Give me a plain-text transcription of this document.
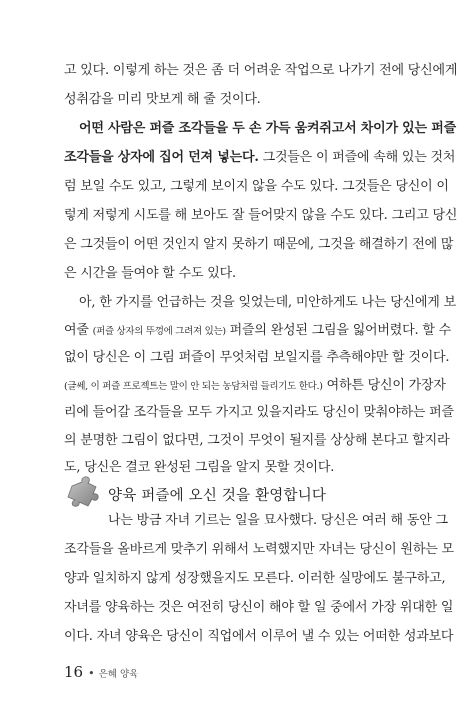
고 있다. 이렇게 하는 것은 좀 더 어려운 작업으로 나가기 전에 당신에게
성취감을 미리 맛보게 해 줄 것이다.
어떤 사람은 퍼즐 조각들을 두 손 가득 움켜쥐고서 차이가 있는 퍼즐
조각들을 상자에 집어 던져 넣는다. 그것들은 이 퍼즐에 속해 있는 것처
럼 보일 수도 있고, 그렇게 보이지 않을 수도 있다. 그것들은 당신이 이
렇게 저렇게 시도를 해 보아도 잘 들어맞지 않을 수도 있다. 그리고 당신
은 그것들이 어떤 것인지 알지 못하기 때문에, 그것을 해결하기 전에 많
은 시간을 들여야 할 수도 있다.
아, 한 가지를 언급하는 것을 잊었는데, 미안하게도 나는 당신에게 보
여줄 (퍼즐 상자의 뚜껑에 그려져 있는) 퍼즐의 완성된 그림을 잃어버렸다. 할 수
없이 당신은 이 그림 퍼즐이 무엇처럼 보일지를 추측해야만 할 것이다.
(글쎄, 이 퍼즐 프로젝트는 말이 안 되는 농담처럼 들리기도 한다.) 여하튼 당신이 가장자
리에 들어갈 조각들을 모두 가지고 있을지라도 당신이 맞춰야하는 퍼즐
의 분명한 그림이 없다면, 그것이 무엇이 될지를 상상해 본다고 할지라
도, 당신은 결코 완성된 그림을 알지 못할 것이다.
양육 퍼즐에 오신 것을 환영합니다
나는 방금 자녀 기르는 일을 묘사했다. 당신은 여러 해 동안 그
조각들을 올바르게 맞추기 위해서 노력했지만 자녀는 당신이 원하는 모
양과 일치하지 않게 성장했을지도 모른다. 이러한 실망에도 불구하고,
자녀를 양육하는 것은 여전히 당신이 해야 할 일 중에서 가장 위대한 일
이다. 자녀 양육은 당신이 직업에서 이루어 낼 수 있는 어떠한 성과보다
16 • 은혜 양육
